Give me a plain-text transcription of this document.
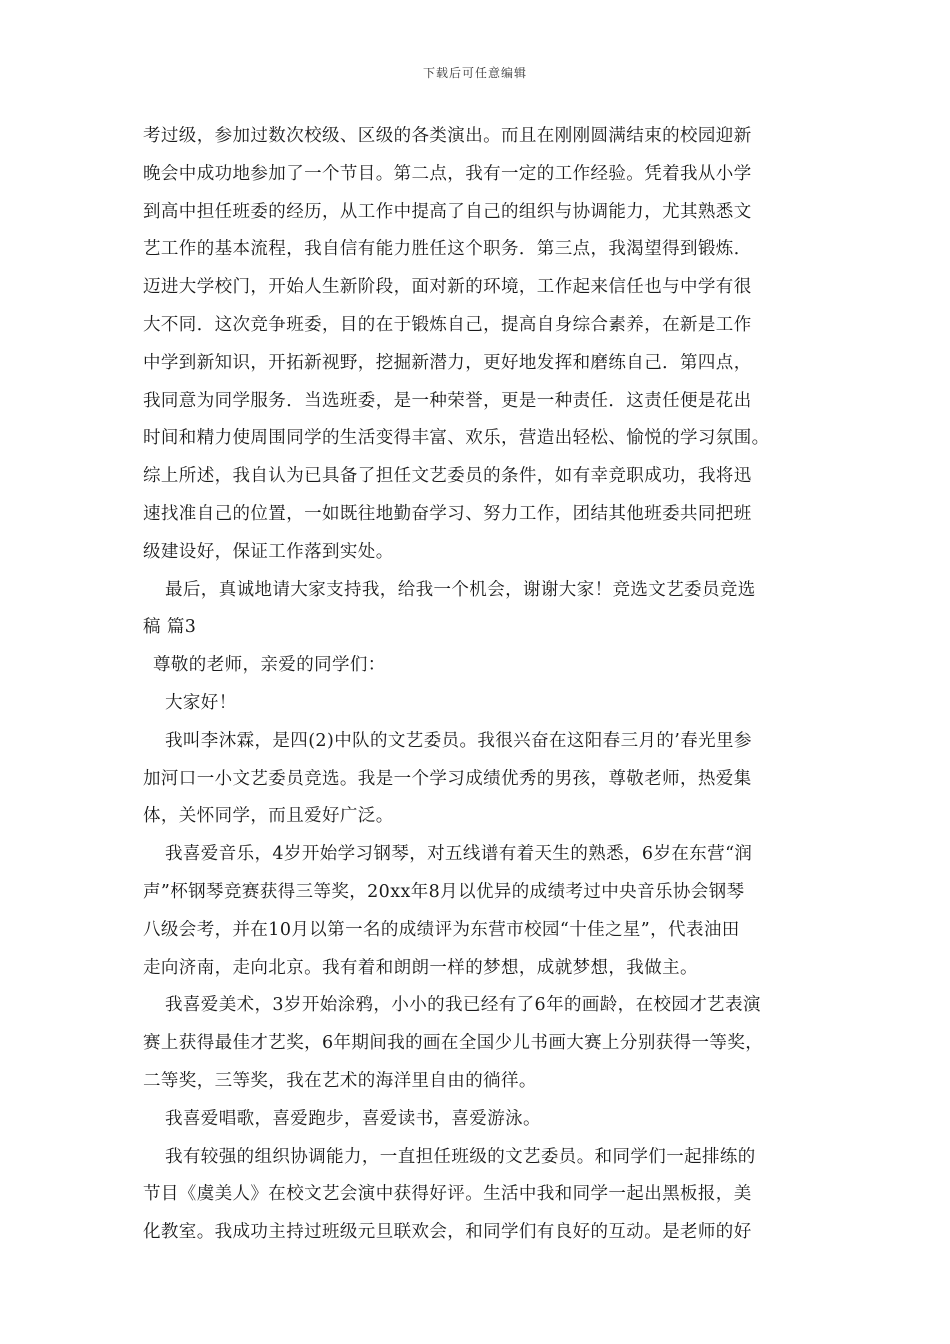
下载后可任意编辑
考过级，参加过数次校级、区级的各类演出。而且在刚刚圆满结束的校园迎新
晚会中成功地参加了一个节目。第二点，我有一定的工作经验。凭着我从小学
到高中担任班委的经历，从工作中提高了自己的组织与协调能力，尤其熟悉文
艺工作的基本流程，我自信有能力胜任这个职务．第三点，我渴望得到锻炼．
迈进大学校门，开始人生新阶段，面对新的环境，工作起来信任也与中学有很
大不同．这次竞争班委，目的在于锻炼自己，提高自身综合素养，在新是工作
中学到新知识，开拓新视野，挖掘新潜力，更好地发挥和磨练自己．第四点，
我同意为同学服务．当选班委，是一种荣誉，更是一种责任．这责任便是花出
时间和精力使周围同学的生活变得丰富、欢乐，营造出轻松、愉悦的学习氛围。
综上所述，我自认为已具备了担任文艺委员的条件，如有幸竞职成功，我将迅
速找准自己的位置，一如既往地勤奋学习、努力工作，团结其他班委共同把班
级建设好，保证工作落到实处。
最后，真诚地请大家支持我，给我一个机会，谢谢大家！竞选文艺委员竞选
稿 篇3
尊敬的老师，亲爱的同学们：
大家好！
我叫李沐霖，是四(2)中队的文艺委员。我很兴奋在这阳春三月的’春光里参
加河口一小文艺委员竞选。我是一个学习成绩优秀的男孩，尊敬老师，热爱集
体，关怀同学，而且爱好广泛。
我喜爱音乐，4岁开始学习钢琴，对五线谱有着天生的熟悉，6岁在东营“润
声”杯钢琴竞赛获得三等奖，20xx年8月以优异的成绩考过中央音乐协会钢琴
八级会考，并在10月以第一名的成绩评为东营市校园“十佳之星”，代表油田
走向济南，走向北京。我有着和朗朗一样的梦想，成就梦想，我做主。
我喜爱美术，3岁开始涂鸦，小小的我已经有了6年的画龄，在校园才艺表演
赛上获得最佳才艺奖，6年期间我的画在全国少儿书画大赛上分别获得一等奖，
二等奖，三等奖，我在艺术的海洋里自由的徜徉。
我喜爱唱歌，喜爱跑步，喜爱读书，喜爱游泳。
我有较强的组织协调能力，一直担任班级的文艺委员。和同学们一起排练的
节目《虞美人》在校文艺会演中获得好评。生活中我和同学一起出黑板报，美
化教室。我成功主持过班级元旦联欢会，和同学们有良好的互动。是老师的好
